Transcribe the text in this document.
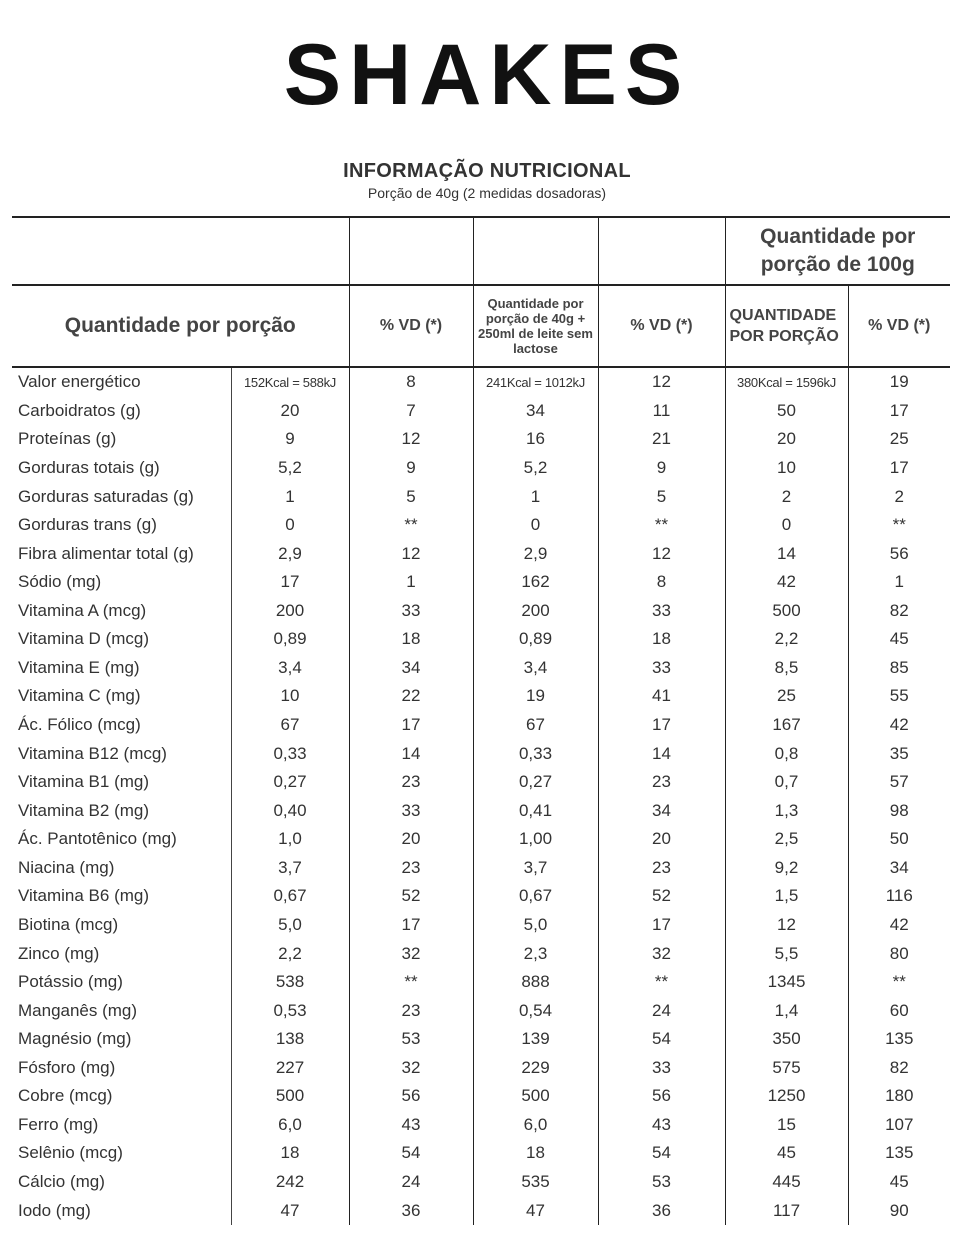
SHAKES
INFORMAÇÃO NUTRICIONAL
Porção de 40g (2 medidas dosadoras)
					Quantidade por porção de 100g	
Quantidade por porção		% VD (*)	Quantidade por porção de 40g + 250ml de leite sem lactose	% VD (*)	QUANTIDADE POR PORÇÃO	% VD (*)
Valor energético	152Kcal = 588kJ	8	241Kcal = 1012kJ	12	380Kcal = 1596kJ	19
Carboidratos (g)	20	7	34	11	50	17
Proteínas (g)	9	12	16	21	20	25
Gorduras totais (g)	5,2	9	5,2	9	10	17
Gorduras saturadas (g)	1	5	1	5	2	2
Gorduras trans (g)	0	**	0	**	0	**
Fibra alimentar total (g)	2,9	12	2,9	12	14	56
Sódio (mg)	17	1	162	8	42	1
Vitamina A (mcg)	200	33	200	33	500	82
Vitamina D (mcg)	0,89	18	0,89	18	2,2	45
Vitamina E (mg)	3,4	34	3,4	33	8,5	85
Vitamina C (mg)	10	22	19	41	25	55
Ác. Fólico (mcg)	67	17	67	17	167	42
Vitamina B12 (mcg)	0,33	14	0,33	14	0,8	35
Vitamina B1 (mg)	0,27	23	0,27	23	0,7	57
Vitamina B2 (mg)	0,40	33	0,41	34	1,3	98
Ác. Pantotênico (mg)	1,0	20	1,00	20	2,5	50
Niacina (mg)	3,7	23	3,7	23	9,2	34
Vitamina B6 (mg)	0,67	52	0,67	52	1,5	116
Biotina (mcg)	5,0	17	5,0	17	12	42
Zinco (mg)	2,2	32	2,3	32	5,5	80
Potássio (mg)	538	**	888	**	1345	**
Manganês (mg)	0,53	23	0,54	24	1,4	60
Magnésio (mg)	138	53	139	54	350	135
Fósforo (mg)	227	32	229	33	575	82
Cobre (mcg)	500	56	500	56	1250	180
Ferro (mg)	6,0	43	6,0	43	15	107
Selênio (mcg)	18	54	18	54	45	135
Cálcio (mg)	242	24	535	53	445	45
Iodo (mg)	47	36	47	36	117	90
